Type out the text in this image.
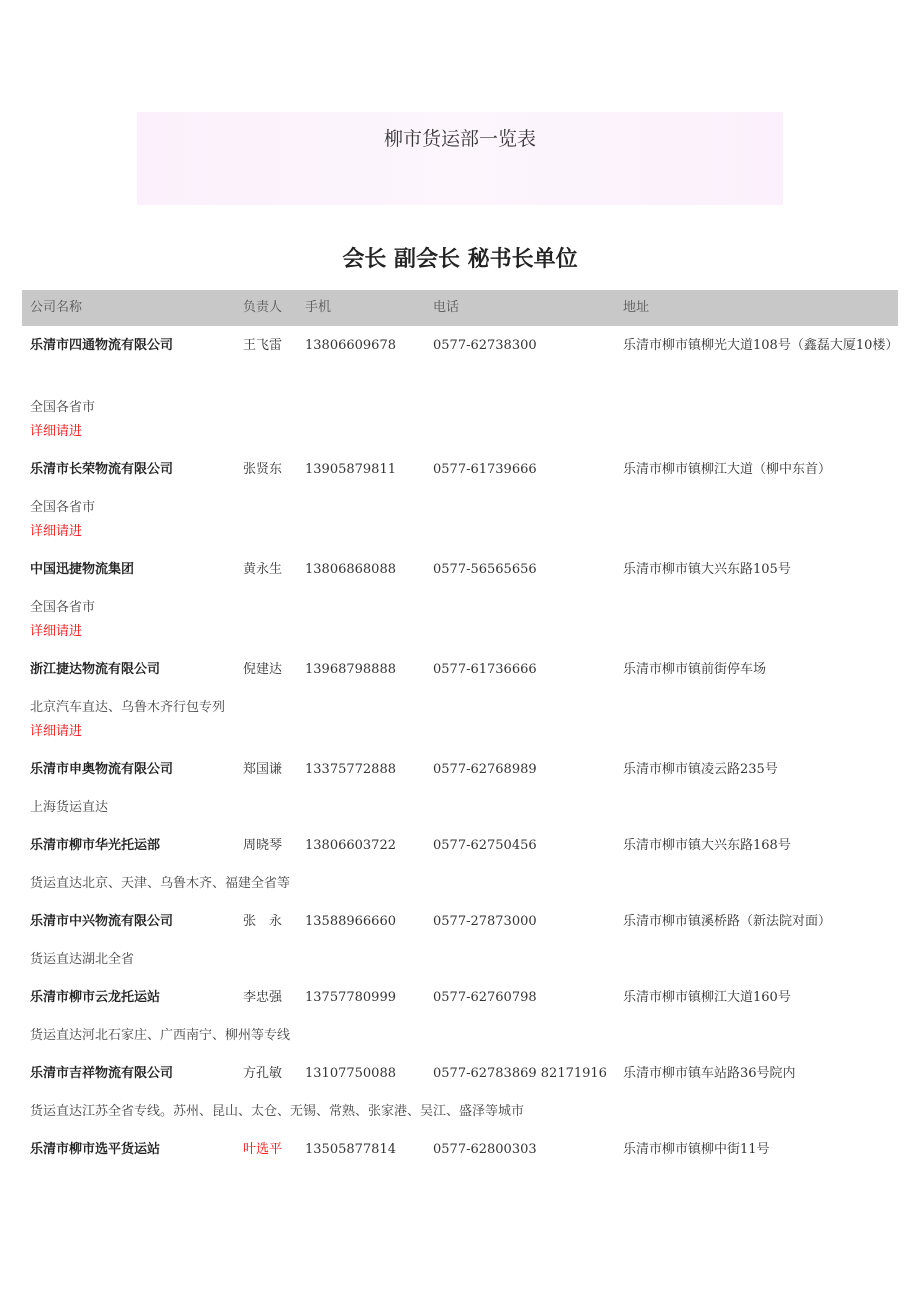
柳市货运部一览表
会长 副会长 秘书长单位
公司名称	负责人 手机	电话	地址
乐清市四通物流有限公司	王飞雷 13806609678	0577-62738300	乐清市柳市镇柳光大道108号（鑫磊大厦10楼）
全国各省市
详细请进
乐清市长荣物流有限公司	张贤东 13905879811	0577-61739666	乐清市柳市镇柳江大道（柳中东首）
全国各省市
详细请进
中国迅捷物流集团	黄永生 13806868088	0577-56565656	乐清市柳市镇大兴东路105号
全国各省市
详细请进
浙江捷达物流有限公司	倪建达 13968798888	0577-61736666	乐清市柳市镇前街停车场
北京汽车直达、乌鲁木齐行包专列
详细请进
乐清市申奥物流有限公司	郑国谦 13375772888	0577-62768989	乐清市柳市镇凌云路235号
上海货运直达
乐清市柳市华光托运部	周晓琴 13806603722	0577-62750456	乐清市柳市镇大兴东路168号
货运直达北京、天津、乌鲁木齐、福建全省等
乐清市中兴物流有限公司	张　永 13588966660	0577-27873000	乐清市柳市镇溪桥路（新法院对面）
货运直达湖北全省
乐清市柳市云龙托运站	李忠强 13757780999	0577-62760798	乐清市柳市镇柳江大道160号
货运直达河北石家庄、广西南宁、柳州等专线
乐清市吉祥物流有限公司	方孔敏 13107750088	0577-62783869 82171916 乐清市柳市镇车站路36号院内
货运直达江苏全省专线。苏州、昆山、太仓、无锡、常熟、张家港、吴江、盛泽等城市
乐清市柳市选平货运站	叶选平 13505877814	0577-62800303	乐清市柳市镇柳中街11号
